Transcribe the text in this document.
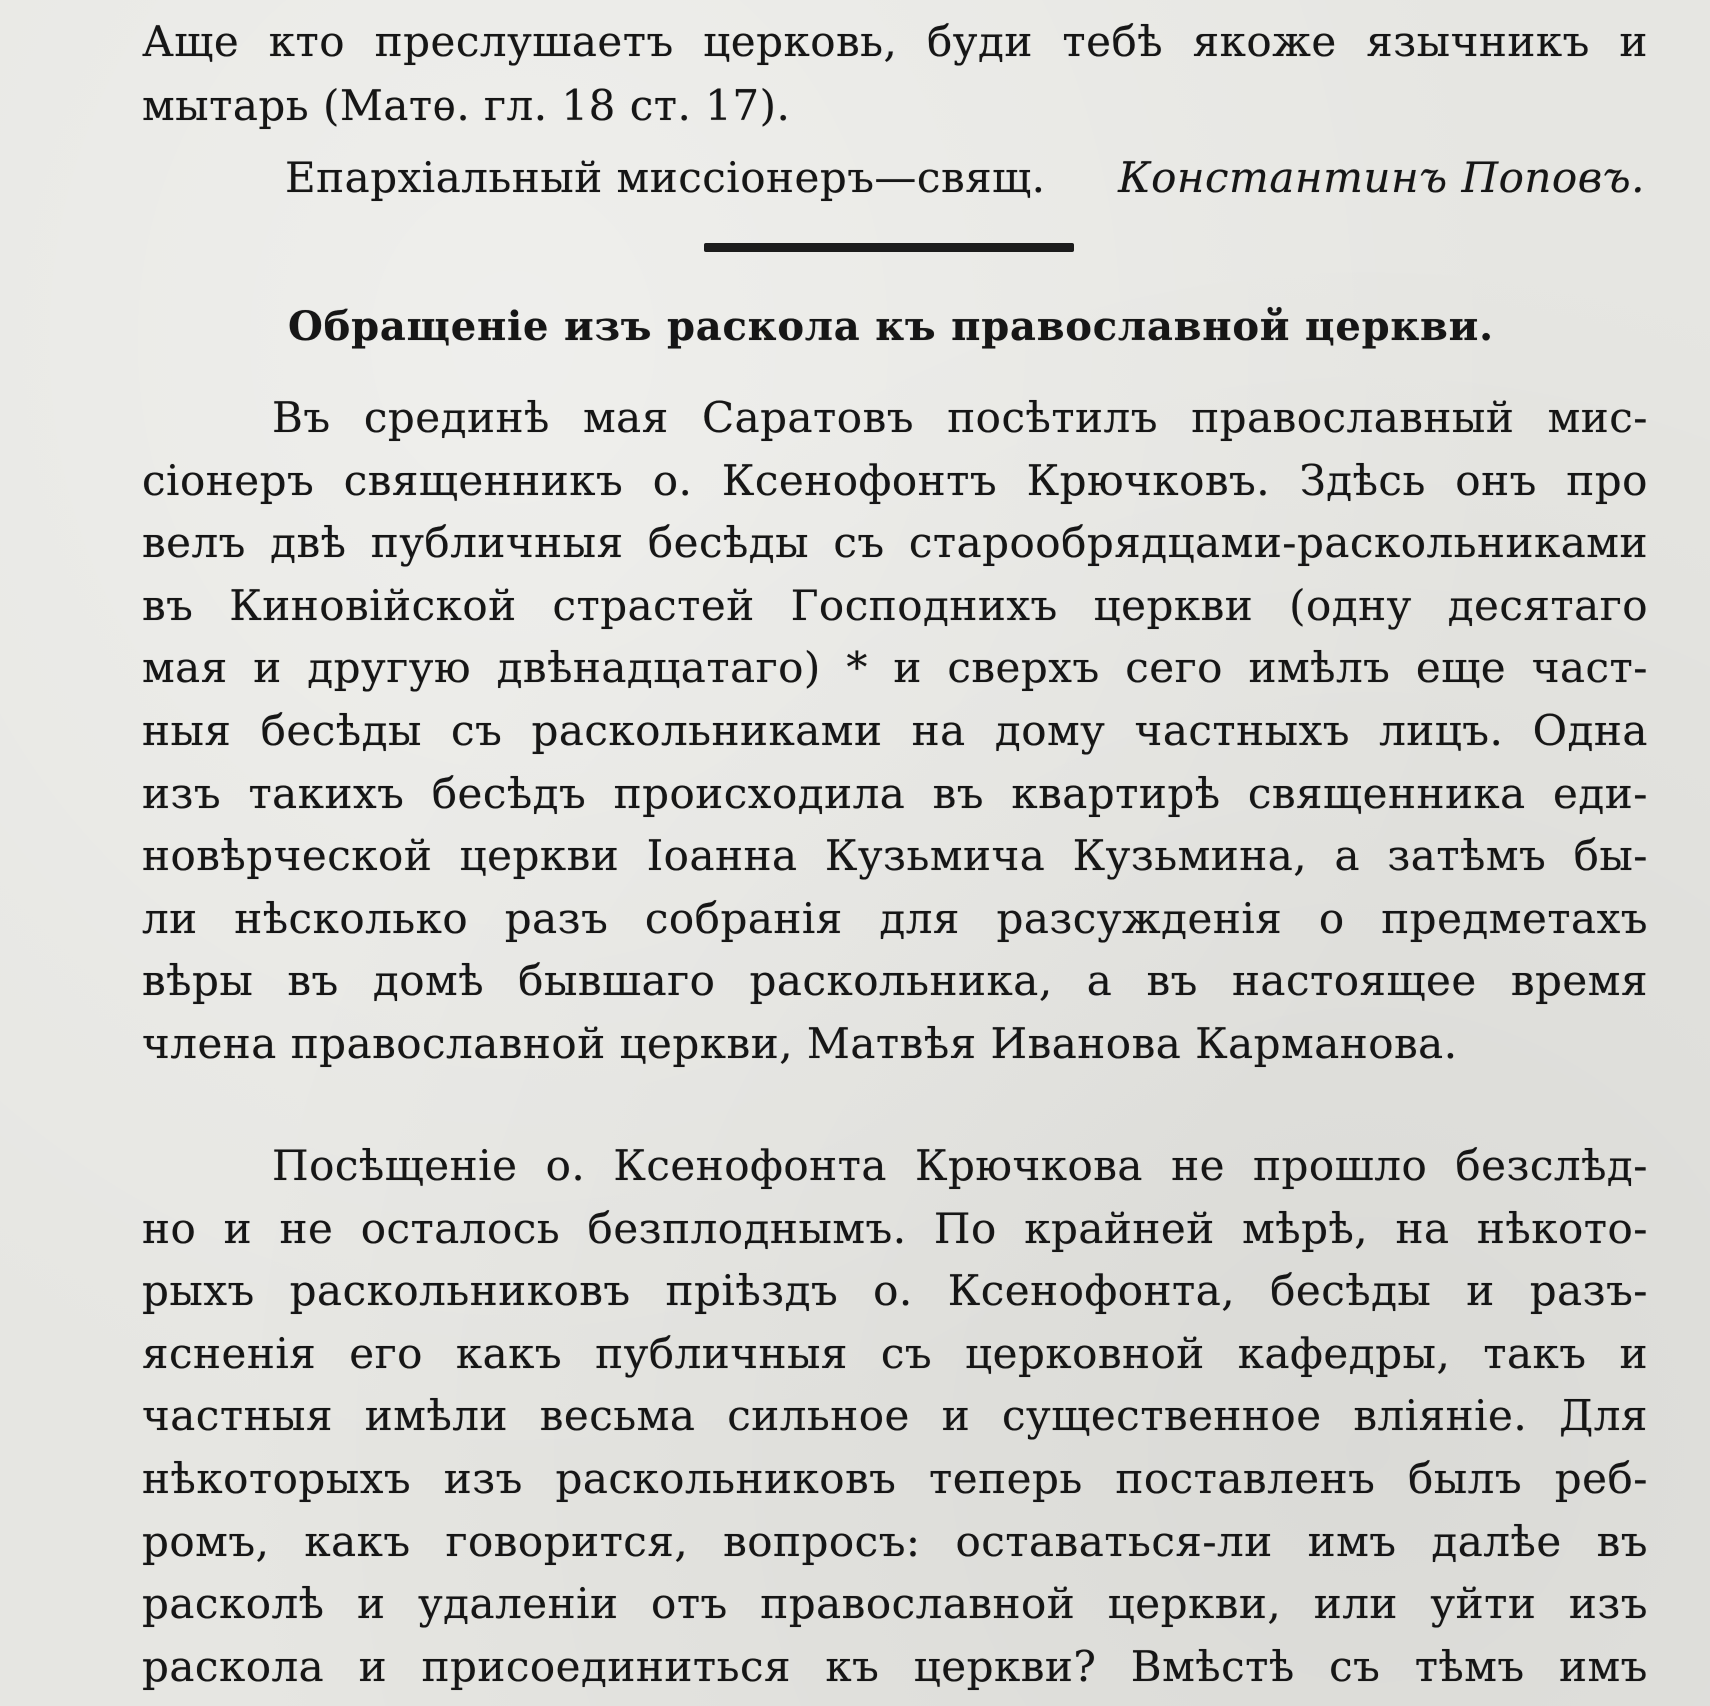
Аще кто преслушаетъ церковь, буди тебѣ якоже язычникъ и
мытарь (Матѳ. гл. 18 ст. 17).
Епархіальный миссіонеръ—свящ. Константинъ Поповъ.
Обращеніе изъ раскола къ православной церкви.
Въ срединѣ мая Саратовъ посѣтилъ православный мис-
сіонеръ священникъ о. Ксенофонтъ Крючковъ. Здѣсь онъ про
велъ двѣ публичныя бесѣды съ старообрядцами-раскольниками
въ Киновійской страстей Господнихъ церкви (одну десятаго
мая и другую двѣнадцатаго) * и сверхъ сего имѣлъ еще част-
ныя бесѣды съ раскольниками на дому частныхъ лицъ. Одна
изъ такихъ бесѣдъ происходила въ квартирѣ священника еди-
новѣрческой церкви Іоанна Кузьмича Кузьмина, а затѣмъ бы-
ли нѣсколько разъ собранія для разсужденія о предметахъ
вѣры въ домѣ бывшаго раскольника, а въ настоящее время
члена православной церкви, Матвѣя Иванова Карманова.
Посѣщеніе о. Ксенофонта Крючкова не прошло безслѣд-
но и не осталось безплоднымъ. По крайней мѣрѣ, на нѣкото-
рыхъ раскольниковъ пріѣздъ о. Ксенофонта, бесѣды и разъ-
ясненія его какъ публичныя съ церковной кафедры, такъ и
частныя имѣли весьма сильное и существенное вліяніе. Для
нѣкоторыхъ изъ раскольниковъ теперь поставленъ былъ реб-
ромъ, какъ говорится, вопросъ: оставаться-ли имъ далѣе въ
расколѣ и удаленіи отъ православной церкви, или уйти изъ
раскола и присоединиться къ церкви? Вмѣстѣ съ тѣмъ имъ
